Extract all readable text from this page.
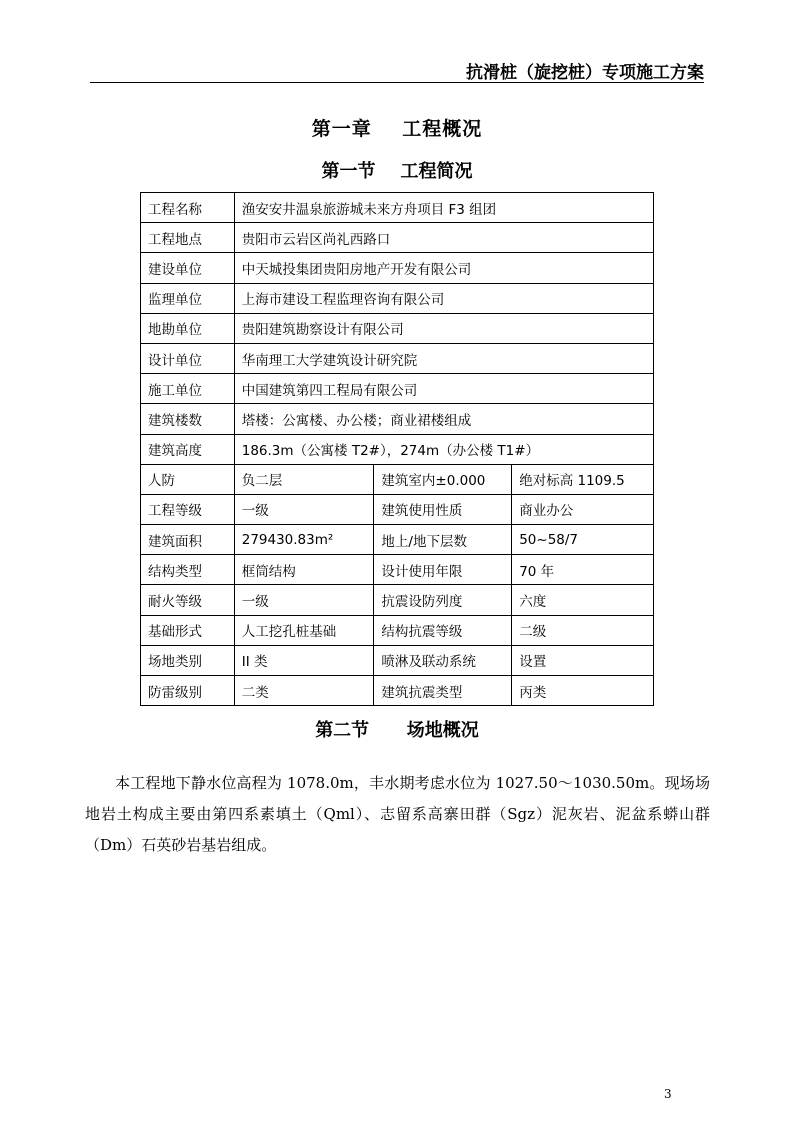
抗滑桩（旋挖桩）专项施工方案
第一章    工程概况
第一节    工程简况
工程名称	渔安安井温泉旅游城未来方舟项目 F3 组团		
工程地点	贵阳市云岩区尚礼西路口		
建设单位	中天城投集团贵阳房地产开发有限公司		
监理单位	上海市建设工程监理咨询有限公司		
地勘单位	贵阳建筑勘察设计有限公司		
设计单位	华南理工大学建筑设计研究院		
施工单位	中国建筑第四工程局有限公司		
建筑楼数	塔楼：公寓楼、办公楼；商业裙楼组成		
建筑高度	186.3m（公寓楼 T2#），274m（办公楼 T1#）		
人防	负二层	建筑室内±0.000	绝对标高 1109.5
工程等级	一级	建筑使用性质	商业办公
建筑面积	279430.83m²	地上/地下层数	50~58/7
结构类型	框筒结构	设计使用年限	70 年
耐火等级	一级	抗震设防列度	六度
基础形式	人工挖孔桩基础	结构抗震等级	二级
场地类别	II 类	喷淋及联动系统	设置
防雷级别	二类	建筑抗震类型	丙类
第二节      场地概况

本工程地下静水位高程为 1078.0m，丰水期考虑水位为 1027.50～1030.50m。现场场地岩土构成主要由第四系素填土（Qml）、志留系高寨田群（Sgz）泥灰岩、泥盆系蟒山群（Dm）石英砂岩基岩组成。

3
